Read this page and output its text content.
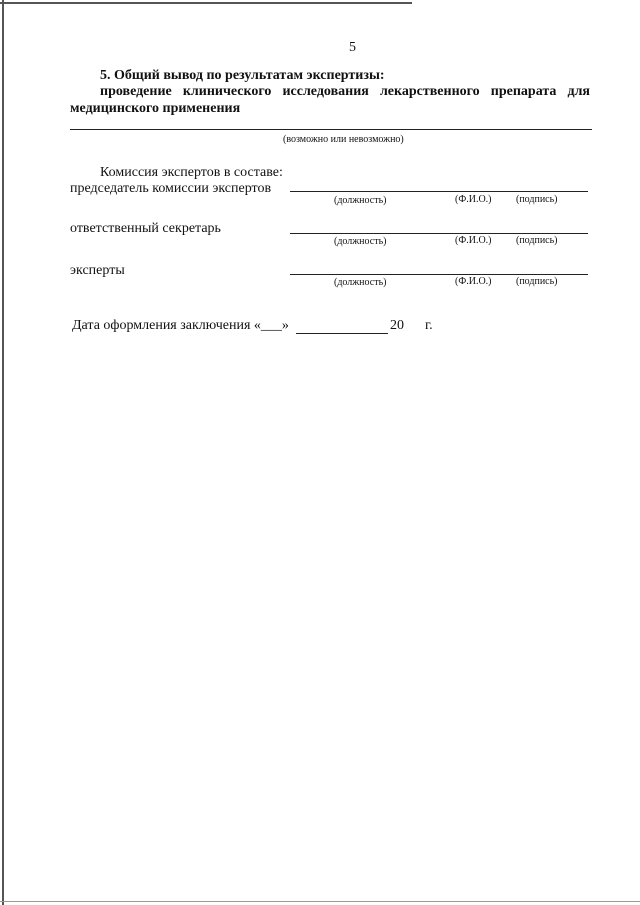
5
5. Общий вывод по результатам экспертизы:
проведение клинического исследования лекарственного препарата для
медицинского применения
(возможно или невозможно)
Комиссия экспертов в составе:
председатель комиссии экспертов
(должность)	(Ф.И.О.) (подпись)
ответственный секретарь
(должность)	(Ф.И.О.) (подпись)
эксперты
(должность)	(Ф.И.О.) (подпись)
Дата оформления заключения «___»	20 г.
